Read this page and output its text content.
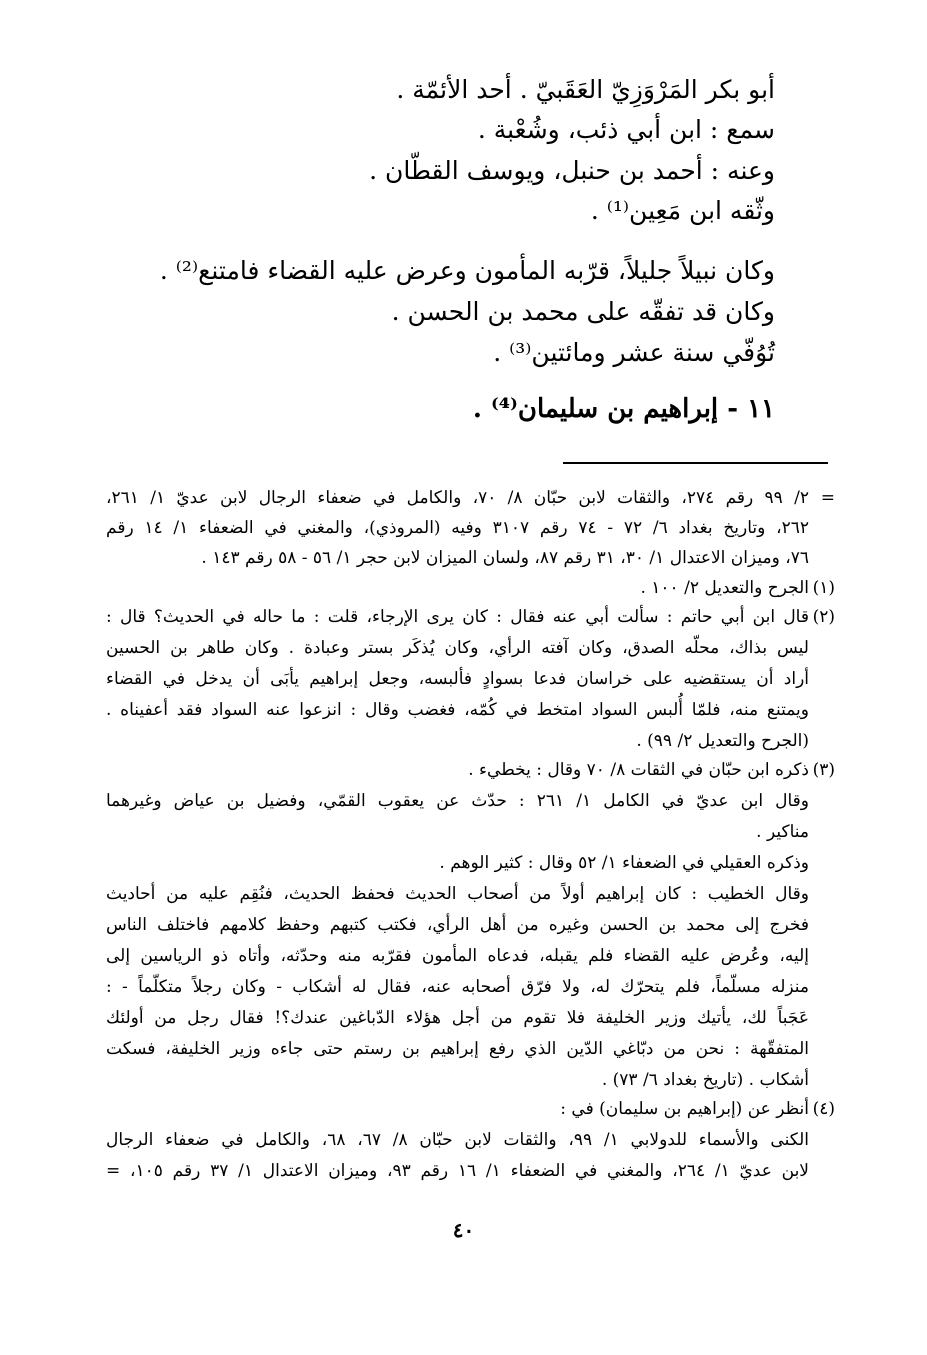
أبو بكر المَرْوَزِيّ العَقَبيّ . أحد الأئمّة .
سمع : ابن أبي ذئب، وشُعْبة .
وعنه : أحمد بن حنبل، ويوسف القطّان .
وثّقه ابن مَعِين⁽¹⁾ .
وكان نبيلاً جليلاً، قرّبه المأمون وعرض عليه القضاء فامتنع⁽²⁾ .
وكان قد تفقّه على محمد بن الحسن .
تُوُفّي سنة عشر ومائتين⁽³⁾ .
١١ - إبراهيم بن سليمان⁽⁴⁾ .
=
٢/ ٩٩ رقم ٢٧٤، والثقات لابن حبّان ٨/ ٧٠، والكامل في ضعفاء الرجال لابن عديّ ١/ ٢٦١،
٢٦٢، وتاريخ بغداد ٦/ ٧٢ - ٧٤ رقم ٣١٠٧ وفيه (المروذي)، والمغني في الضعفاء ١/ ١٤ رقم
٧٦، وميزان الاعتدال ١/ ٣٠، ٣١ رقم ٨٧، ولسان الميزان لابن حجر ١/ ٥٦ - ٥٨ رقم ١٤٣ .
(١)
الجرح والتعديل ٢/ ١٠٠ .
(٢)
قال ابن أبي حاتم : سألت أبي عنه فقال : كان يرى الإرجاء، قلت : ما حاله في الحديث؟ قال :
ليس بذاك، محلّه الصدق، وكان آفته الرأي، وكان يُذكَر بستر وعبادة . وكان طاهر بن الحسين
أراد أن يستقضيه على خراسان فدعا بسوادٍ فألبسه، وجعل إبراهيم يأبَى أن يدخل في القضاء
ويمتنع منه، فلمّا أُلبس السواد امتخط في كُمّه، فغضب وقال : انزعوا عنه السواد فقد أعفيناه .
(الجرح والتعديل ٢/ ٩٩) .
(٣)
ذكره ابن حبّان في الثقات ٨/ ٧٠ وقال : يخطيء .
وقال ابن عديّ في الكامل ١/ ٢٦١ : حدّث عن يعقوب القمّي، وفضيل بن عياض وغيرهما
مناكير .
وذكره العقيلي في الضعفاء ١/ ٥٢ وقال : كثير الوهم .
وقال الخطيب : كان إبراهيم أولاً من أصحاب الحديث فحفظ الحديث، فنُقِم عليه من أحاديث
فخرج إلى محمد بن الحسن وغيره من أهل الرأي، فكتب كتبهم وحفظ كلامهم فاختلف الناس
إليه، وعُرض عليه القضاء فلم يقبله، فدعاه المأمون فقرّبه منه وحدّثه، وأتاه ذو الرياسين إلى
منزله مسلّماً، فلم يتحرّك له، ولا فرّق أصحابه عنه، فقال له أشكاب - وكان رجلاً متكلّماً - :
عَجَباً لك، يأتيك وزير الخليفة فلا تقوم من أجل هؤلاء الدّباغين عندك؟! فقال رجل من أولئك
المتفقّهة : نحن من دبّاغي الدّين الذي رفع إبراهيم بن رستم حتى جاءه وزير الخليفة، فسكت
أشكاب . (تاريخ بغداد ٦/ ٧٣) .
(٤)
أنظر عن (إبراهيم بن سليمان) في :
الكنى والأسماء للدولابي ١/ ٩٩، والثقات لابن حبّان ٨/ ٦٧، ٦٨، والكامل في ضعفاء الرجال
لابن عديّ ١/ ٢٦٤، والمغني في الضعفاء ١/ ١٦ رقم ٩٣، وميزان الاعتدال ١/ ٣٧ رقم ١٠٥، =
٤٠
